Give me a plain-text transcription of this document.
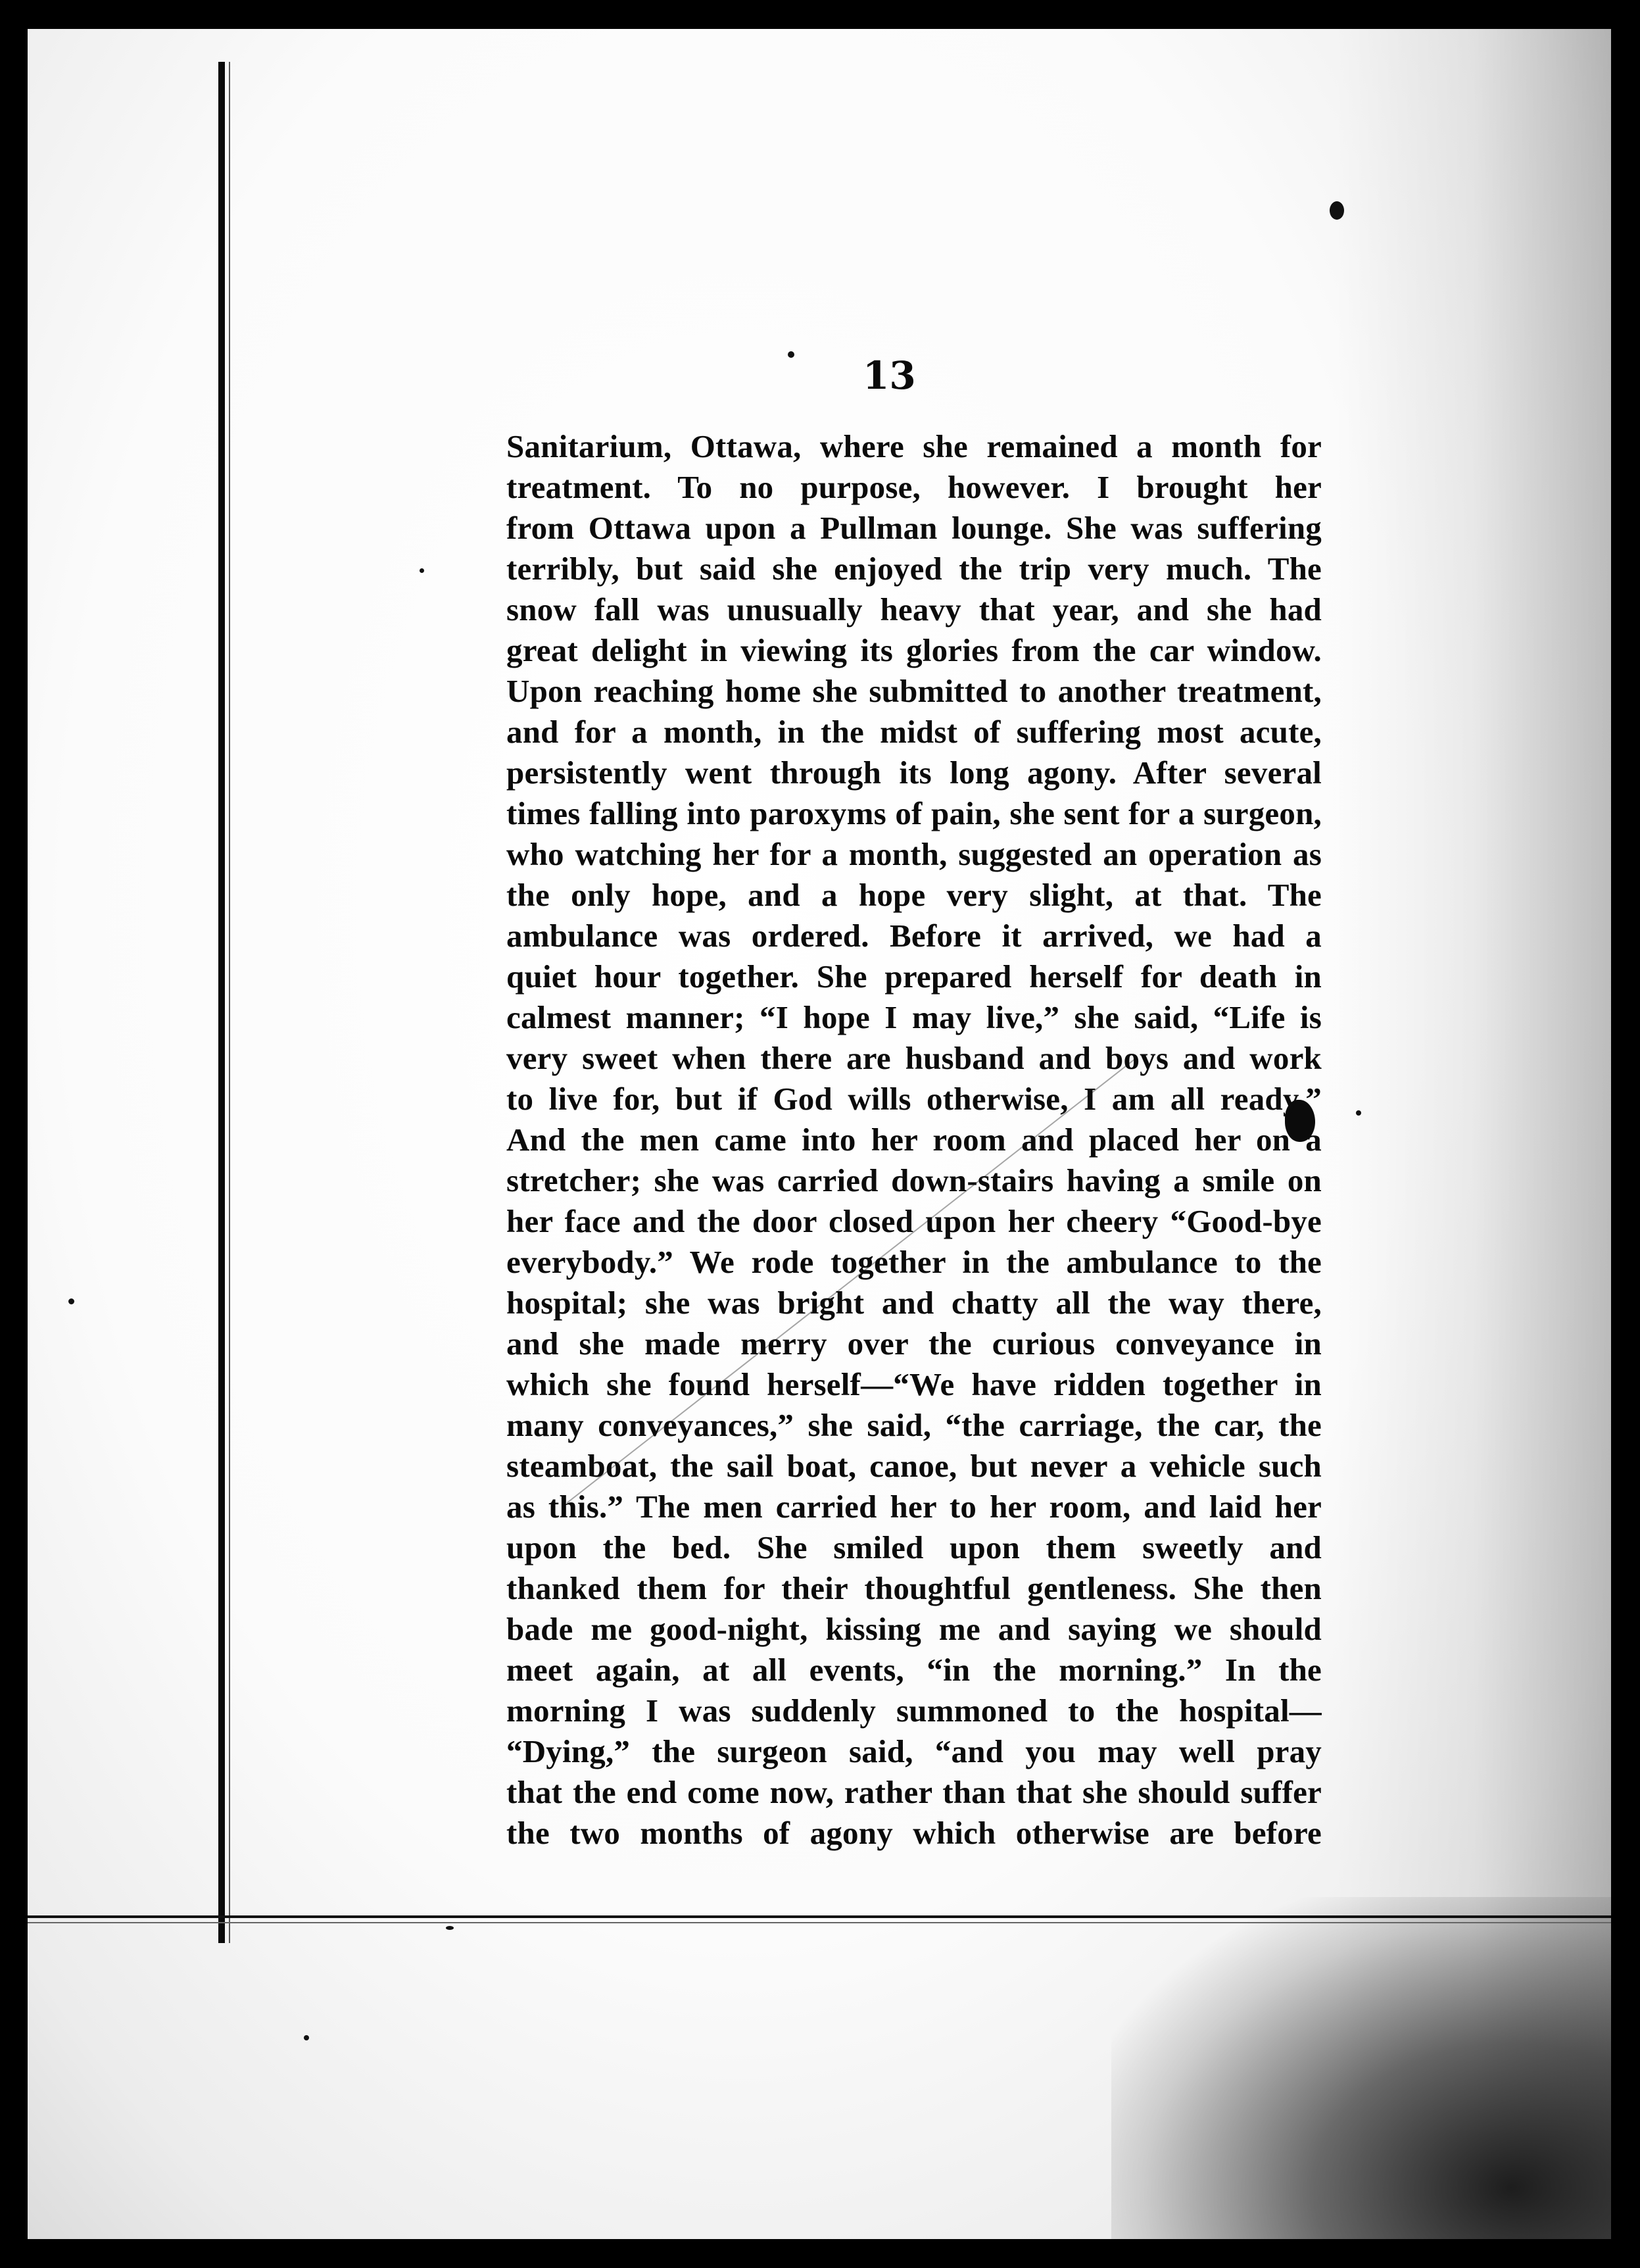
13

Sanitarium, Ottawa, where she remained a month for
treatment. To no purpose, however. I brought her
from Ottawa upon a Pullman lounge. She was suffering
terribly, but said she enjoyed the trip very much. The
snow fall was unusually heavy that year, and she had
great delight in viewing its glories from the car window.
Upon reaching home she submitted to another treatment,
and for a month, in the midst of suffering most acute,
persistently went through its long agony. After several
times falling into paroxyms of pain, she sent for a surgeon,
who watching her for a month, suggested an operation as
the only hope, and a hope very slight, at that. The
ambulance was ordered. Before it arrived, we had a
quiet hour together. She prepared herself for death in
calmest manner; “I hope I may live,” she said, “Life is
very sweet when there are husband and boys and work
to live for, but if God wills otherwise, I am all ready.”
And the men came into her room and placed her on a
stretcher; she was carried down-stairs having a smile on
her face and the door closed upon her cheery “Good-bye
everybody.” We rode together in the ambulance to the
hospital; she was bright and chatty all the way there,
and she made merry over the curious conveyance in
which she found herself—“We have ridden together in
many conveyances,” she said, “the carriage, the car, the
steamboat, the sail boat, canoe, but never a vehicle such
as this.” The men carried her to her room, and laid her
upon the bed. She smiled upon them sweetly and
thanked them for their thoughtful gentleness. She then
bade me good-night, kissing me and saying we should
meet again, at all events, “in the morning.” In the
morning I was suddenly summoned to the hospital—
“Dying,” the surgeon said, “and you may well pray
that the end come now, rather than that she should suffer
the two months of agony which otherwise are before
